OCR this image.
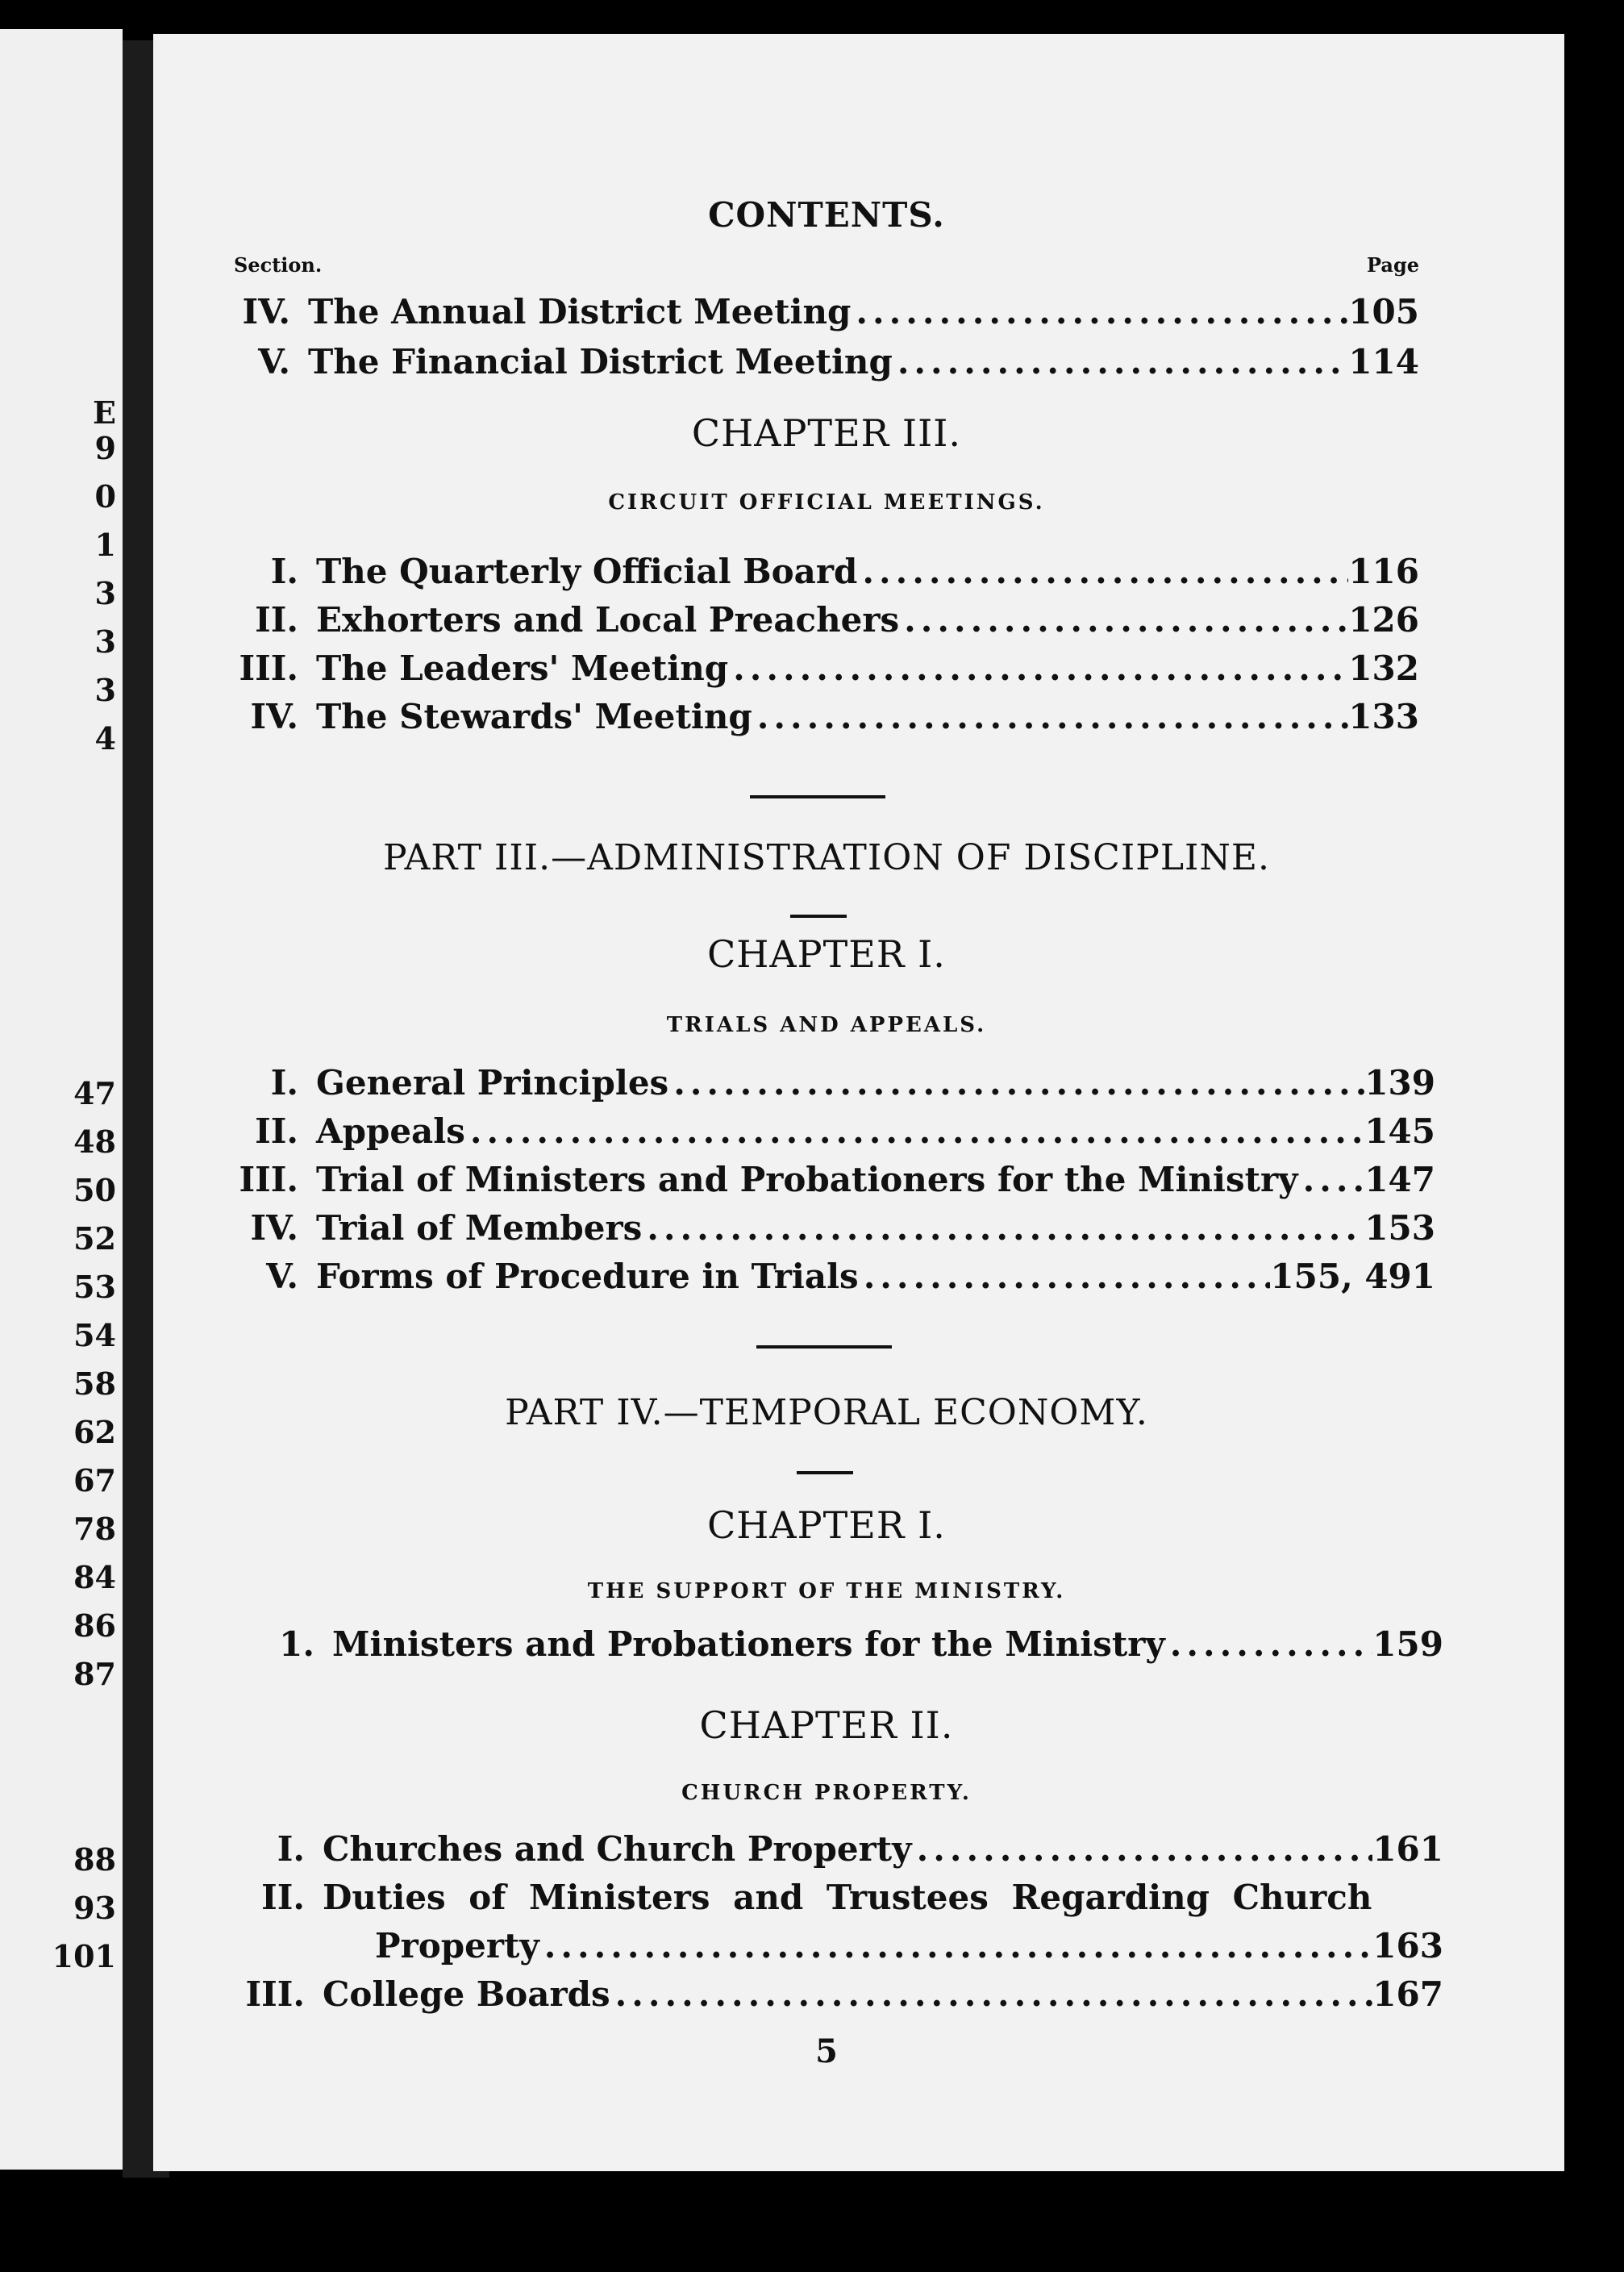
E
9
0
1
3
3
3
4
47
48
50
52
53
54
58
62
67
78
84
86
87
88
93
101
CONTENTS.
Section.	Page
IV. The Annual District Meeting .....	105
V. The Financial District Meeting .....	114
CHAPTER III.
CIRCUIT OFFICIAL MEETINGS.
I. The Quarterly Official Board .....	116
II. Exhorters and Local Preachers .....	126
III. The Leaders' Meeting .....	132
IV. The Stewards' Meeting .....	133
PART III.—ADMINISTRATION OF DISCIPLINE.
CHAPTER I.
TRIALS AND APPEALS.
I. General Principles .....	139
II. Appeals .....	145
III. Trial of Ministers and Probationers for the Ministry ..... 147
IV. Trial of Members .....	153
V. Forms of Procedure in Trials .....	155, 491
PART IV.—TEMPORAL ECONOMY.
CHAPTER I.
THE SUPPORT OF THE MINISTRY.
1. Ministers and Probationers for the Ministry .....	159
CHAPTER II.
CHURCH PROPERTY.
I. Churches and Church Property .....	161
II. Duties of Ministers and Trustees Regarding Church
Property .....	163
III. College Boards .....	167
5
